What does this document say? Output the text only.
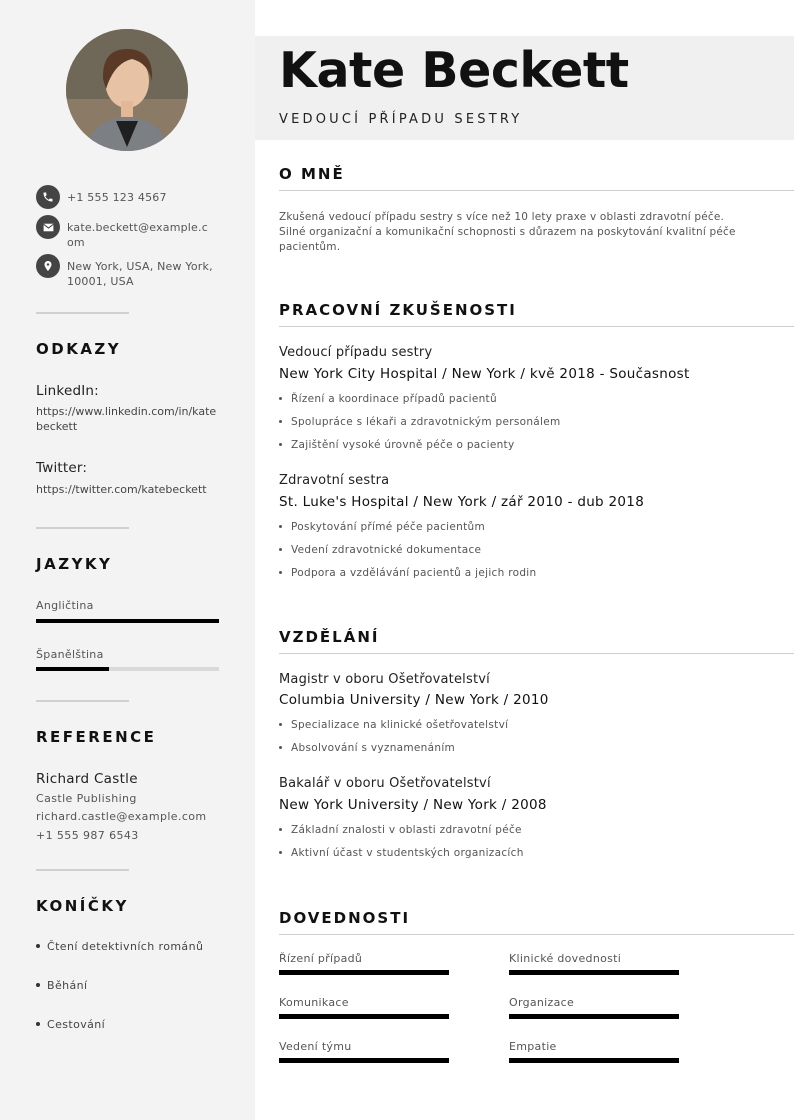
+1 555 123 4567
kate.beckett@example.com
New York, USA, New York, 10001, USA
ODKAZY
LinkedIn:
https://www.linkedin.com/in/katebeckett
Twitter:
https://twitter.com/katebeckett
JAZYKY
Angličtina
Španělština
REFERENCE
Richard Castle
Castle Publishing
richard.castle@example.com
+1 555 987 6543
KONÍČKY
Čtení detektivních románů
Běhání
Cestování
Kate Beckett
VEDOUCÍ PŘÍPADU SESTRY
O MNĚ
Zkušená vedoucí případu sestry s více než 10 lety praxe v oblasti zdravotní péče. Silné organizační a komunikační schopnosti s důrazem na poskytování kvalitní péče pacientům.
PRACOVNÍ ZKUŠENOSTI
Vedoucí případu sestry
New York City Hospital / New York / kvě 2018 - Současnost
Řízení a koordinace případů pacientů
Spolupráce s lékaři a zdravotnickým personálem
Zajištění vysoké úrovně péče o pacienty
Zdravotní sestra
St. Luke's Hospital / New York / zář 2010 - dub 2018
Poskytování přímé péče pacientům
Vedení zdravotnické dokumentace
Podpora a vzdělávání pacientů a jejich rodin
VZDĚLÁNÍ
Magistr v oboru Ošetřovatelství
Columbia University / New York / 2010
Specializace na klinické ošetřovatelství
Absolvování s vyznamenáním
Bakalář v oboru Ošetřovatelství
New York University / New York / 2008
Základní znalosti v oblasti zdravotní péče
Aktivní účast v studentských organizacích
DOVEDNOSTI
Řízení případů	Klinické dovednosti
Komunikace	Organizace
Vedení týmu	Empatie
